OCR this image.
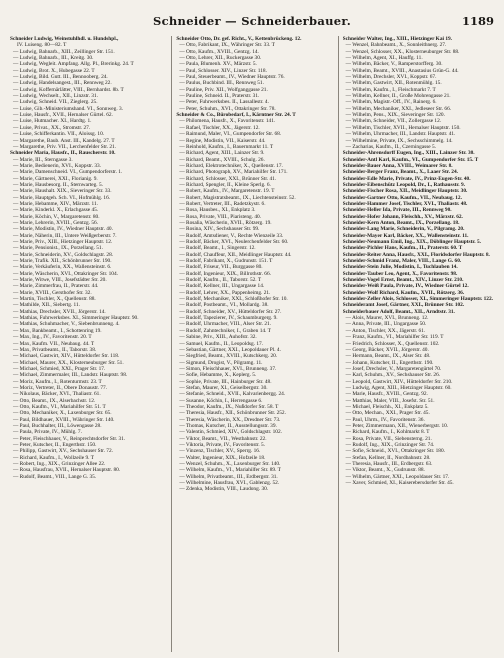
Schneider — Schneiderbauer.	1189
Schneider Ludwig, Weinstuhlhdl. u. Hundshpl.,
IV. Luiseng. 80—82. T
— Ludwig, Bahnarb., XIII., Zeillinger Str. 151.
— Ludwig, Bahnarb., III., Kreitg. 30.
— Ludwig, Wegleit. Ampfang. Allg. Pl., Brerinkg. 24. T
— Ludwig, Brot. X., Hubegasse 22. T
— Ludwig, Bild. Gutt. III., Bennooberg. 24.
— Ludwig, Handelsangest., III., Rennweg 22.
— Ludwig, Koffernärlätter, VIII., Bernhardst. 8b. T
— Ludwig, Wechselt., XII., Linzstr. 31.
— Ludwig, Schneid. VII., Zieglerg. 25.
— Luise, Gib.-Ministeriumshand. VI., Sonnweg. 3.
— Luise, Hausfr., XVII., Hernalser Gürtel. 62.
— Luise, Hutmacher. XI., Hardtg. 1.
— Luise, Privat., XX., Stromstr. 27.
— Luise, Schifferkantin. VII., Aloissg. 10.
— Margarethe, Baub. Anst. III., Kandelg. 27. T
— Margarethe, Priv. VII., Lerchenfelder Str. 21.
Schneider Maria, Hausfr., II., Rauscherstr. 10.
— Marie, III., Sterngasse 3.
— Marie, Bedienerin, XVI., Koppstr. 33.
— Marie, Damenschneid. VI., Gumpendorferstr. 1.
— Marie, Gärtnerei, XXI., Florianig. 9.
— Marie, Hausbesorg. II., Sternwarteg. 5.
— Marie, Haushalt. XIX., Sieveringer Str. 33.
— Marie, Hauptgeh. Sch. VI., Hofmühlg. 16.
— Marie, Hebamme, XIV., Märzstr. 11.
— Marie, Kinderkl. X., Erlachgasse 45.
— Marie, Köchin, V., Margaretenstr. 80.
— Marie, Lehrerin, XVIII., Gentzg. 56.
— Marie, Modistin, IV., Wiedner Hauptstr. 40.
— Marie, Näherin, III., Untere Weißgerberstr. 7.
— Marie, Priv., XIII., Hietzinger Hauptstr. 12.
— Marie, Pensionist., IX., Porzellang. 51.
— Marie, Schneiderin, XV., Goldschlagstr. 28.
— Marie, Trafik. XII., Schönbrunner Str. 190.
— Marie, Verkäuferin, XX., Wallensteinstr. 6.
— Marie, Wäscherin, XVI., Ottakringer Str. 104.
— Marie, Witwe, VIII., Josefstädter Str. 20.
— Marie, Zimmerfrau, II., Praterstr. 44.
— Marie, XVIII., Gersthofer Str. 32.
— Martin, Tischler, X., Quellenstr. 88.
— Mathilde, XII., Siebertg. 11.
— Mathias, Drechsler, XVII., Jörgerstr. 14.
— Mathias, Fuhrwerksbes. XI., Simmeringer Hauptstr. 90.
— Mathias, Schuhmacher, V., Siebenbrunneng. 4.
— Max, Bankbeamt., I., Schottenring 19.
— Max, Ing., IV., Favoritenstr. 20. T
— Max, Kaufm. VII., Neubaug. 44. T
— Max, Privatbeamt., II., Taborstr. 38.
— Michael, Gastwirt, XIV., Hütteldorfer Str. 118.
— Michael, Maurer, XX., Klosterneuburger Str. 51.
— Michael, Schmied, XXI., Prager Str. 17.
— Michael, Zimmermaler, III., Landstr. Hauptstr. 98.
— Moriz, Kaufm., I., Rotenturmstr. 23. T
— Moriz, Vertreter, II., Obere Donaustr. 77.
— Nikolaus, Bäcker, XVI., Thaliastr. 61.
— Otto, Beamt., IX., Alserbachstr. 12.
— Otto, Kaufm., VI., Mariahilfer Str. 51. T
— Otto, Mechaniker, X., Laxenburger Str. 65.
— Paul, Bildhauer, XVIII., Währinger Str. 140.
— Paul, Buchhalter, III., Löwengasse 28.
— Paula, Private, IV., Mühlg. 7.
— Peter, Fleischhauer, V., Reinprechtsdorfer Str. 31.
— Peter, Kutscher, II., Engerthstr. 150.
— Philipp, Gastwirt, XV., Sechshauser Str. 72.
— Richard, Kaufm., I., Wollzeile 9. T
— Robert, Ing., XIX., Grinzinger Allee 22.
— Rosa, Hausfrau, XVII., Hernalser Hauptstr. 80.
— Rudolf, Beamt., VIII., Lange G. 35.
Schneider Otto, Dr. gef. Richt., V., Kettenbrückeng. 12.
— Otto, Fabrikant, IX., Währinger Str. 33. T
— Otto, Kaufm., XVIII., Gentzg. 14.
— Otto, Lehrer, XII., Ruckergasse 30.
— Paula, Blumenh. XV., Märzstr. 5.
— Paul, Schlosser. XIV., Linzer Str. 118.
— Paul, Steuerbeamt., IV., Wiedner Hauptstr. 76.
— Paulus, Buchbind. III., Rennweg 51.
— Pauline, Priv. XII., Wolfganggasse 21.
— Pauline, Schneid. II., Praterstr. 31.
— Peter, Fuhrwerksbes. II., Lassallestr. 4.
— Peter, Schuhm., XVI., Ottakringer Str. 78.
Schneider & Co., Bürobedarf, I., Kärntner Str. 24. T
— Philomena, Hausfr., X., Favoritenstr. 141.
— Rafael, Tischler, XX., Jägerstr. 12.
— Raimund, Maler, VI., Gumpendorfer Str. 68.
— Regine, Modistin, VII., Kaiserstr. 44.
— Reinhold, Kaufm., I., Bauernmarkt 11. T
— Richard, Agent, XIII., Lainzer Str. 9.
— Richard, Beamt., XVIII., Schulg. 26.
— Richard, Elektrotechniker, X., Quellenstr. 17.
— Richard, Photograph, XV., Mariahilfer Str. 171.
— Richard, Schlosser, XXI., Brünner Str. 41.
— Richard, Spengler, II., Kleine Sperlg. 6.
— Robert, Kaufm., IV., Margaretenstr. 19. T
— Robert, Magistratsbeamt., IX., Liechtensteinstr. 52.
— Robert, Vertreter, III., Radetzkystr. 6.
— Rosa, Hausbes., XI., Enkplatz 3.
— Rosa, Private, VIII., Piaristeng. 40.
— Rosalia, Wäscherin, XVII., Rötzerg. 19.
— Rosina, XIV., Sechshauser Str. 99.
— Rudolf, Amtsdiener, V., Rechte Wienzeile 33.
— Rudolf, Bäcker, XVI., Neulerchenfelder Str. 60.
— Rudolf, Beamt., I., Singerstr. 12.
— Rudolf, Chauffeur, XII., Meidlinger Hauptstr. 44.
— Rudolf, Fabrikant, X., Gudrunstr. 151. T
— Rudolf, Friseur, VII., Burggasse 80.
— Rudolf, Ingenieur, XIX., Billrothstr. 66.
— Rudolf, Kaufm., II., Taborstr. 52. T
— Rudolf, Kellner, III., Ungargasse 14.
— Rudolf, Lehrer, XX., Pappenheimg. 21.
— Rudolf, Mechaniker, XXI., Schloßhofer Str. 10.
— Rudolf, Postbeamt., VI., Mollardg. 38.
— Rudolf, Schneider, XV., Hütteldorfer Str. 27.
— Rudolf, Tapezierer, IV., Schaumburgerg. 9.
— Rudolf, Uhrmacher, VIII., Alser Str. 21.
— Rudolf, Zahntechniker, I., Graben 14. T
— Sabine, Priv., XIII., Auhofstr. 32.
— Samuel, Kaufm., II., Leopoldsg. 17.
— Sebastian, Gärtner, XXI., Leopoldauer Pl. 4.
— Siegfried, Beamt., XVIII., Kutschkerg. 20.
— Sigmund, Drogist, V., Pilgramg. 11.
— Simon, Fleischhauer, XVI., Brunneng. 37.
— Sofie, Hebamme, X., Keplerg. 5.
— Sophie, Private, III., Hainburger Str. 48.
— Stefan, Maurer, XI., Geiselbergstr. 30.
— Stefanie, Schneid., XVII., Kalvarienbergg. 24.
— Susanne, Köchin, I., Herrengasse 6.
— Theodor, Kaufm., IX., Nußdorfer Str. 58. T
— Theresia, Hausfr., XII., Schönbrunner Str. 252.
— Theresia, Wäscherin, XX., Dresdner Str. 73.
— Thomas, Kutscher, II., Ausstellungsstr. 39.
— Valentin, Schmied, XIV., Goldschlagstr. 102.
— Viktor, Beamt., VII., Westbahnstr. 22.
— Viktoria, Private, IV., Favoritenstr. 5.
— Vinzenz, Tischler, XV., Sperrg. 16.
— Walter, Ingenieur, XIX., Hofzeile 18.
— Wenzel, Schuhm., X., Laxenburger Str. 140.
— Wilhelm, Kaufm., VI., Mariahilfer Str. 89. T
— Wilhelm, Privatbeamt., III., Erdbergstr. 31.
— Wilhelmine, Hausfrau, XVI., Gablenzg. 52.
— Zdenka, Modistin, VIII., Laudong. 30.
Schneider Walter, Ing., XIII., Hietzinger Kai 19.
— Wenzel, Bahnbeamt., X., Sonnleithnerg. 27.
— Wenzel, Schlosser, XX., Klosterneuburger Str. 88.
— Wilhelm, Agent, XI., Hauffg. 11.
— Wilhelm, Bäcker, V., Ramperstorfferg. 30.
— Wilhelm, Beamt., XVIII., Anastasius Grün-G. 44.
— Wilhelm, Drechsler, XVI., Koppstr. 67.
— Wilhelm, Gastwirt, XII., Rotenmühlg. 15.
— Wilhelm, Kaufm., I., Fleischmarkt 7. T
— Wilhelm, Kellner, II., Große Mohrengasse 21.
— Wilhelm, Magistr.-Off., IV., Rainerg. 6.
— Wilhelm, Mechaniker, XXI., Jedleseer Str. 66.
— Wilhelm, Pens., XIX., Sieveringer Str. 120.
— Wilhelm, Schneider, VII., Zollergasse 12.
— Wilhelm, Tischler, XVII., Hernalser Hauptstr. 150.
— Wilhelm, Uhrmacher, III., Landstr. Hauptstr. 41.
— Wilhelmine, Private, IX., Sechsschimmelg. 14.
— Zacharias, Kaufm., II., Czerningasse 5.
Schneider-Ahrensdorff Eugen, Ing., XIII., Lainzer Str. 30.
Schneider-Antl Karl, Kaufm., VI., Gumpendorfer Str. 15. T
Schneider-Bauer Anna, XVIII., Weimarer Str. 8.
Schneider-Berger Franz, Beamt., X., Laaer Str. 24.
Schneider-Edle Marie, Private, IV., Prinz-Eugen-Str. 40.
Schneider-Eibenschütz Leopold, Dr., I., Rathausstr. 9.
Schneider-Fischer Rosa, XII., Meidlinger Hauptstr. 30.
Schneider-Gartner Otto, Kaufm., VII., Neubaug. 12.
Schneider-Hammer Josef, Tischler, XVI., Thaliastr. 48.
Schneider-Heller Ida, Private, III., Rennweg 90.
Schneider-Hofer Johann, Fleischh., XV., Märzstr. 62.
Schneider-Kern Anton, Beamt., IX., Porzellang. 18.
Schneider-Lang Marie, Schneiderin, V., Pilgramg. 20.
Schneider-Mayer Karl, Bäcker, XX., Wallensteinstr. 11.
Schneider-Neumann Emil, Ing., XIX., Döblinger Hauptstr. 5.
Schneider-Pichler Hans, Kaufm., II., Praterstr. 60. T
Schneider-Reiter Anna, Hausfr., XXI., Floridsdorfer Hauptstr. 8.
Schneider-Schmid Franz, Maler, VIII., Lange G. 60.
Schneider-Stein Julie, Modistin, I., Tuchlauben 14.
Schneider-Tauber Leo, Agent, X., Favoritenstr. 98.
Schneider-Vogel Ernst, Beamt., XIV., Linzer Str. 210.
Schneider-Weiß Paula, Private, IV., Wiedner Gürtel 12.
Schneider-Wolf Richard, Kaufm., XVII., Rötzerg. 36.
Schneider-Zeller Alois, Schlosser, XI., Simmeringer Hauptstr. 122.
Schneideramt Josef, Gärtner, XXI., Brünner Str. 102.
Schneiderbauer Adolf, Beamt., XII., Arndtstr. 31.
— Alois, Maurer, XVI., Brunneng. 12.
— Anna, Private, III., Ungargasse 50.
— Anton, Tischler, XX., Jägerstr. 61.
— Franz, Kaufm., VI., Mariahilfer Str. 119. T
— Friedrich, Schlosser, X., Quellenstr. 102.
— Georg, Bäcker, XVII., Jörgerstr. 40.
— Hermann, Beamt., IX., Alser Str. 48.
— Johann, Kutscher, II., Engerthstr. 190.
— Josef, Drechsler, V., Margaretengürtel 70.
— Karl, Schuhm., XV., Sechshauser Str. 26.
— Leopold, Gastwirt, XIV., Hütteldorfer Str. 210.
— Ludwig, Agent, XIII., Hietzinger Hauptstr. 60.
— Marie, Hausfr., XVIII., Gentzg. 92.
— Matthias, Maler, VIII., Josefst. Str. 51.
— Michael, Fleischh., XI., Enkplatz 5.
— Otto, Mechan., XXI., Prager Str. 45.
— Paul, Uhrm., IV., Favoritenstr. 36.
— Peter, Zimmermann, XII., Wienerbergstr. 10.
— Richard, Kaufm., I., Kohlmarkt 8. T
— Rosa, Private, VII., Siebensterng. 21.
— Rudolf, Ing., XIX., Grinzinger Str. 74.
— Sofie, Schneid., XVI., Ottakringer Str. 180.
— Stefan, Kellner, II., Nordbahnstr. 28.
— Theresia, Hausfr., III., Erdbergstr. 63.
— Viktor, Beamt., X., Gudrunstr. 88.
— Wilhelm, Gärtner, XXI., Leopoldauer Str. 17.
— Xaver, Schmied, XI., Kaiserebersdorfer Str. 45.
